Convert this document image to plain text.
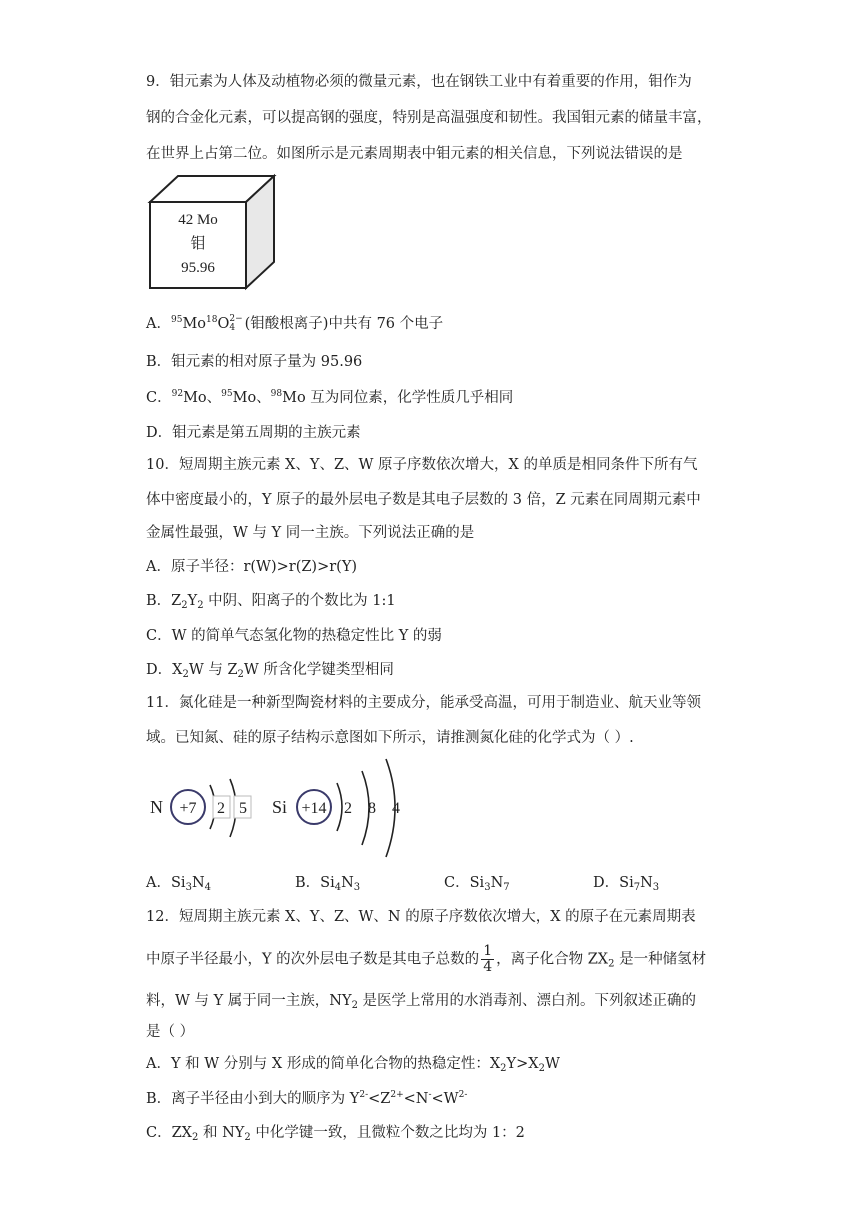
9．钼元素为人体及动植物必须的微量元素，也在钢铁工业中有着重要的作用，钼作为
钢的合金化元素，可以提高钢的强度，特别是高温强度和韧性。我国钼元素的储量丰富，
在世界上占第二位。如图所示是元素周期表中钼元素的相关信息，下列说法错误的是
42 Mo
钼
95.96
A．$^{95}$Mo$^{18}$O 2−
4 (钼酸根离子)中共有 76 个电子
B．钼元素的相对原子量为 95.96
C．$^{92}$Mo、$^{95}$Mo、$^{98}$Mo 互为同位素，化学性质几乎相同
D．钼元素是第五周期的主族元素
10．短周期主族元素 X、Y、Z、W 原子序数依次增大，X 的单质是相同条件下所有气
体中密度最小的，Y 原子的最外层电子数是其电子层数的 3 倍，Z 元素在同周期元素中
金属性最强，W 与 Y 同一主族。下列说法正确的是
A．原子半径：r(W)>r(Z)>r(Y)
B．$Z_2Y_2$ 中阴、阳离子的个数比为 1:1
C．W 的简单气态氢化物的热稳定性比 Y 的弱
D．$X_2W$ 与 $Z_2W$ 所含化学键类型相同
11．氮化硅是一种新型陶瓷材料的主要成分，能承受高温，可用于制造业、航天业等领
域。已知氮、硅的原子结构示意图如下所示，请推测氮化硅的化学式为（ ）.
N +7 2 5 Si +14 2 8 4
A．$Si_3N_4$	B．$Si_4N_3$	C．$Si_3N_7$	D．$Si_7N_3$
12．短周期主族元素 X、Y、Z、W、N 的原子序数依次增大，X 的原子在元素周期表
中原子半径最小，Y 的次外层电子数是其电子总数的 $\frac{1}{4}$ ，离子化合物 $ZX_2$ 是一种储氢材
料，W 与 Y 属于同一主族，$NY_2$ 是医学上常用的水消毒剂、漂白剂。下列叙述正确的
是（ ）
A．Y 和 W 分别与 X 形成的简单化合物的热稳定性：$X_2Y>X_2W$
B．离子半径由小到大的顺序为 $Y^{2-}<Z^{2+}<N^-<W^{2-}$
C．$ZX_2$ 和 $NY_2$ 中化学键一致，且微粒个数之比均为 1：2
